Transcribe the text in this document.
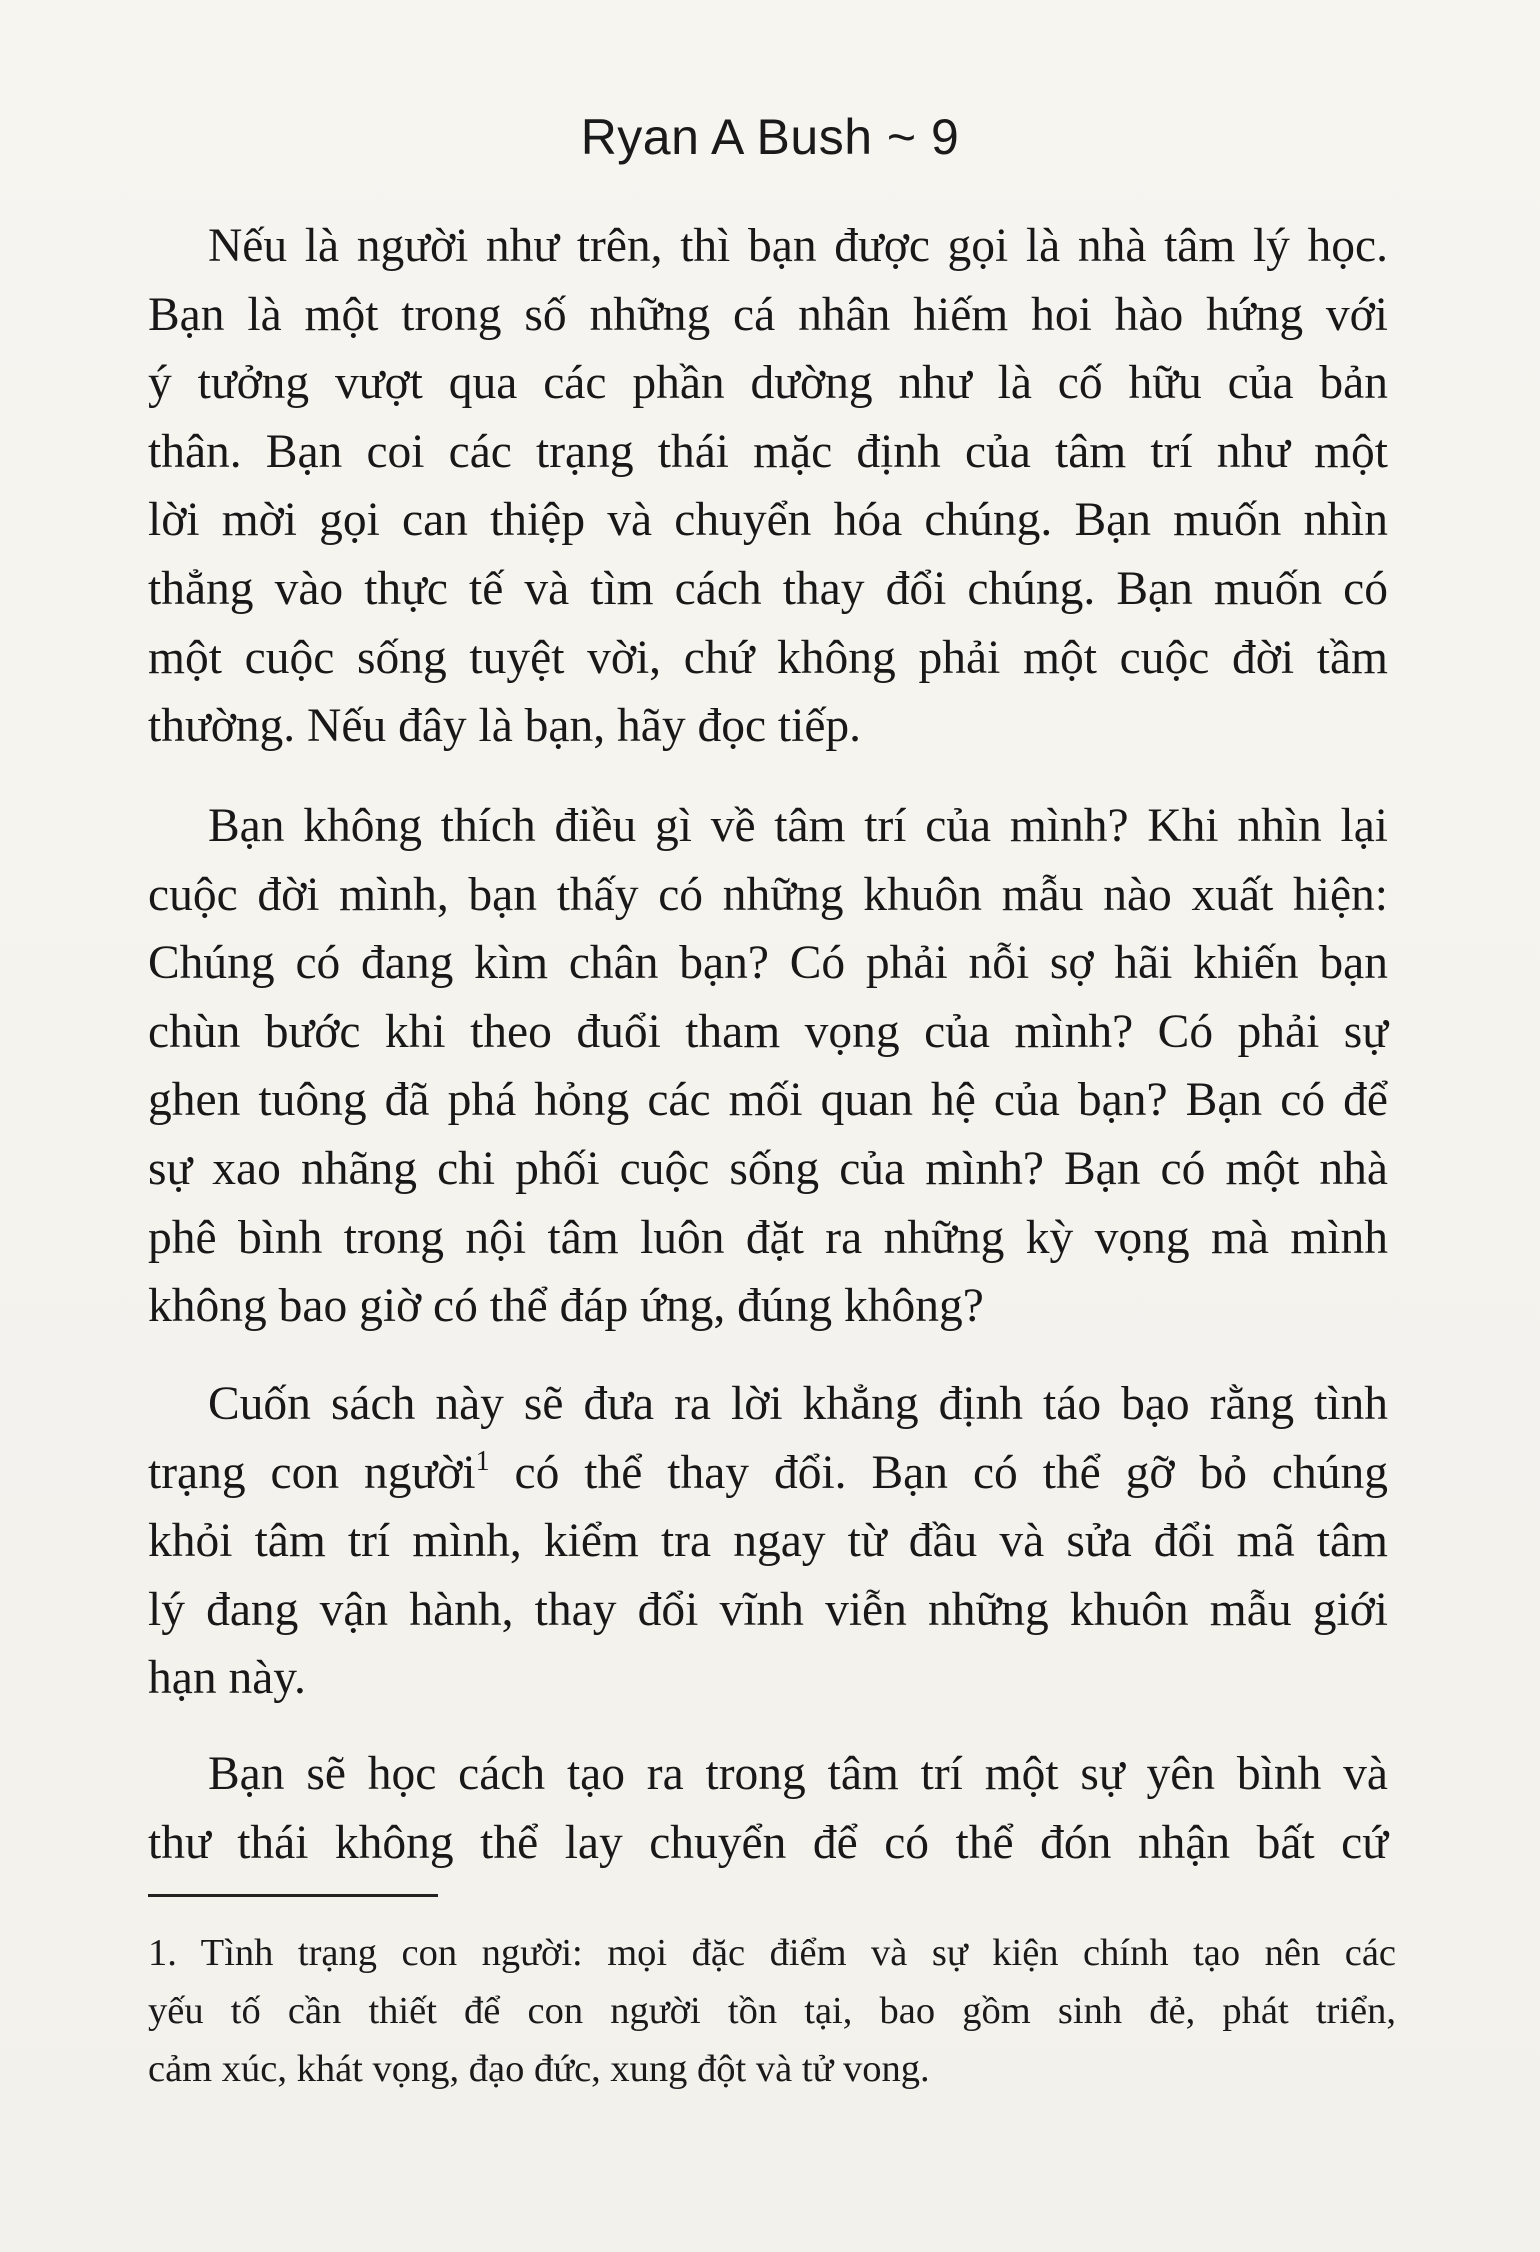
Ryan A Bush ~ 9
Nếu là người như trên, thì bạn được gọi là nhà tâm lý học.
Bạn là một trong số những cá nhân hiếm hoi hào hứng với
ý tưởng vượt qua các phần dường như là cố hữu của bản
thân. Bạn coi các trạng thái mặc định của tâm trí như một
lời mời gọi can thiệp và chuyển hóa chúng. Bạn muốn nhìn
thẳng vào thực tế và tìm cách thay đổi chúng. Bạn muốn có
một cuộc sống tuyệt vời, chứ không phải một cuộc đời tầm
thường. Nếu đây là bạn, hãy đọc tiếp.
Bạn không thích điều gì về tâm trí của mình? Khi nhìn lại
cuộc đời mình, bạn thấy có những khuôn mẫu nào xuất hiện:
Chúng có đang kìm chân bạn? Có phải nỗi sợ hãi khiến bạn
chùn bước khi theo đuổi tham vọng của mình? Có phải sự
ghen tuông đã phá hỏng các mối quan hệ của bạn? Bạn có để
sự xao nhãng chi phối cuộc sống của mình? Bạn có một nhà
phê bình trong nội tâm luôn đặt ra những kỳ vọng mà mình
không bao giờ có thể đáp ứng, đúng không?
Cuốn sách này sẽ đưa ra lời khẳng định táo bạo rằng tình
trạng con người$^1$ có thể thay đổi. Bạn có thể gỡ bỏ chúng
khỏi tâm trí mình, kiểm tra ngay từ đầu và sửa đổi mã tâm
lý đang vận hành, thay đổi vĩnh viễn những khuôn mẫu giới
hạn này.
Bạn sẽ học cách tạo ra trong tâm trí một sự yên bình và
thư thái không thể lay chuyển để có thể đón nhận bất cứ
1. Tình trạng con người: mọi đặc điểm và sự kiện chính tạo nên các
yếu tố cần thiết để con người tồn tại, bao gồm sinh đẻ, phát triển,
cảm xúc, khát vọng, đạo đức, xung đột và tử vong.
